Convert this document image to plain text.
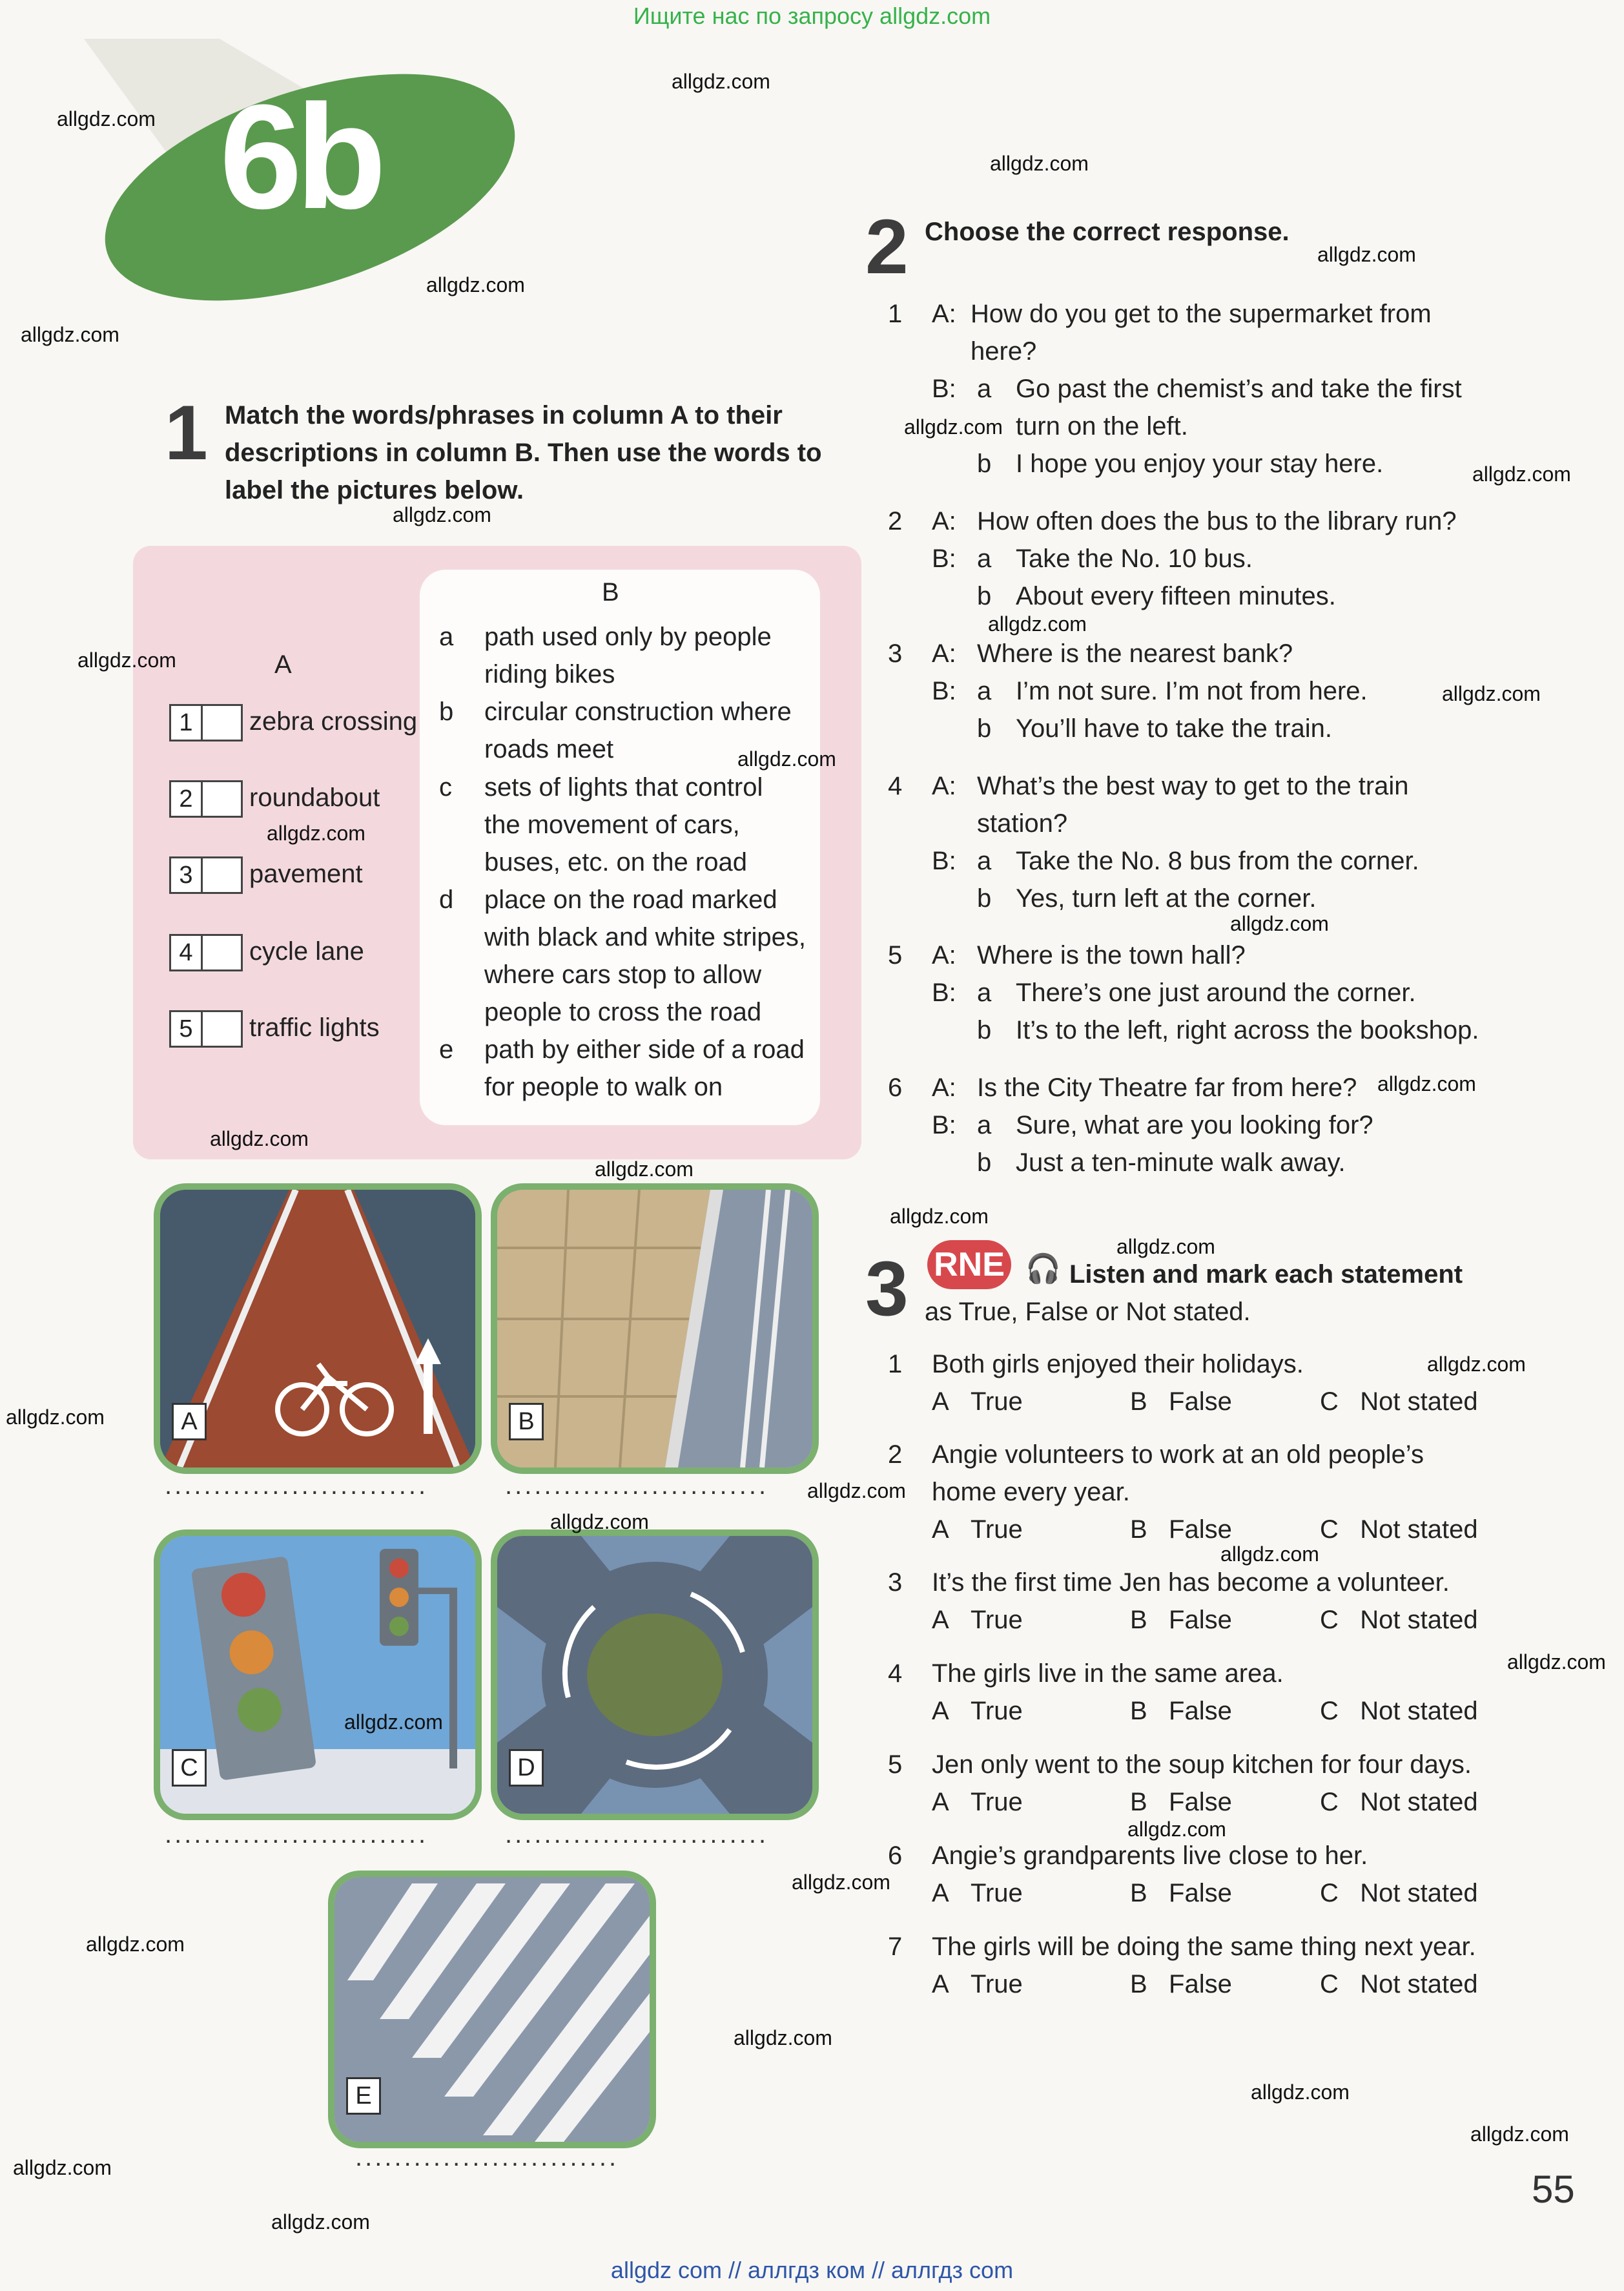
Ищите нас по запросу allgdz.com
6b
1 Match the words/phrases in column A to their
descriptions in column B. Then use the words to
label the pictures below.
A
B
1	zebra crossing
2	roundabout
3	pavement
4	cycle lane
5	traffic lights
a path used only by people
riding bikes
b circular construction where
roads meet
c sets of lights that control
the movement of cars,
buses, etc. on the road
d place on the road marked
with black and white stripes,
where cars stop to allow
people to cross the road
e path by either side of a road
for people to walk on
A
...........................
B
...........................
C
...........................
D
...........................
E
...........................
2 Choose the correct response.
1 A: How do you get to the supermarket from
here?
B: a Go past the chemist’s and take the first
turn on the left.
b I hope you enjoy your stay here.
2 A: How often does the bus to the library run?
B: a Take the No. 10 bus.
b About every fifteen minutes.
3 A: Where is the nearest bank?
B: a I’m not sure. I’m not from here.
b You’ll have to take the train.
4 A: What’s the best way to get to the train
station?
B: a Take the No. 8 bus from the corner.
b Yes, turn left at the corner.
5 A: Where is the town hall?
B: a There’s one just around the corner.
b It’s to the left, right across the bookshop.
6 A: Is the City Theatre far from here?
B: a Sure, what are you looking for?
b Just a ten-minute walk away.
3 RNE 🎧 Listen and mark each statement
as True, False or Not stated.
1 Both girls enjoyed their holidays.
A True	B False	C Not stated
2 Angie volunteers to work at an old people’s
home every year.
A True	B False	C Not stated
3 It’s the first time Jen has become a volunteer.
A True	B False	C Not stated
4 The girls live in the same area.
A True	B False	C Not stated
5 Jen only went to the soup kitchen for four days.
A True	B False	C Not stated
6 Angie’s grandparents live close to her.
A True	B False	C Not stated
7 The girls will be doing the same thing next year.
A True	B False	C Not stated
55
allgdz.com
allgdz.com
allgdz.com
allgdz.com
allgdz.com
allgdz.com
allgdz.com
allgdz.com
allgdz.com
allgdz.com
allgdz.com
allgdz.com
allgdz.com
allgdz.com
allgdz.com
allgdz.com
allgdz.com
allgdz.com
allgdz.com
allgdz.com
allgdz.com
allgdz.com
allgdz.com
allgdz.com
allgdz.com
allgdz.com
allgdz.com
allgdz.com
allgdz.com
allgdz.com
allgdz.com
allgdz.com
allgdz.com
allgdz.com
allgdz.com
allgdz com // аллгдз ком // аллгдз com
